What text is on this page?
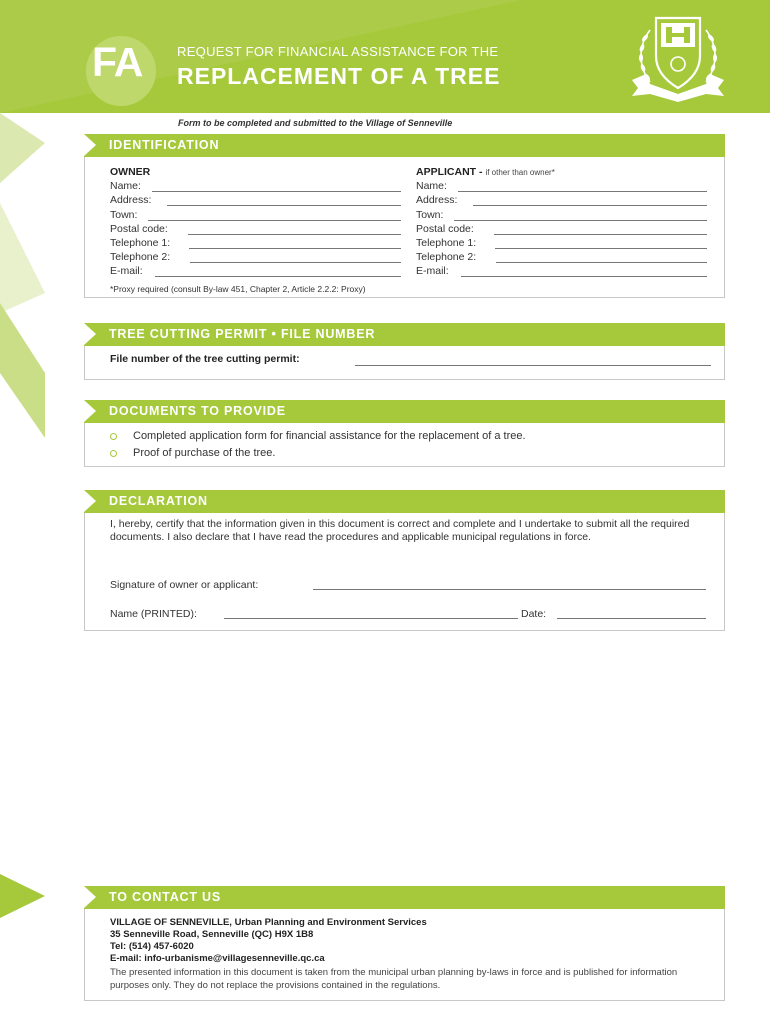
FA	REQUEST FOR FINANCIAL ASSISTANCE FOR THE
REPLACEMENT OF A TREE
Form to be completed and submitted to the Village of Senneville
IDENTIFICATION
OWNER
Name:
Address:
Town:
Postal code:
Telephone 1:
Telephone 2:
E-mail:
APPLICANT - if other than owner*
Name:
Address:
Town:
Postal code:
Telephone 1:
Telephone 2:
E-mail:
*Proxy required (consult By-law 451, Chapter 2, Article 2.2.2: Proxy)
TREE CUTTING PERMIT • FILE NUMBER
File number of the tree cutting permit:
DOCUMENTS TO PROVIDE
Completed application form for financial assistance for the replacement of a tree.
Proof of purchase of the tree.
DECLARATION
I, hereby, certify that the information given in this document is correct and complete and I undertake to submit all the required documents. I also declare that I have read the procedures and applicable municipal regulations in force.
Signature of owner or applicant:
Name (PRINTED):	Date:
TO CONTACT US
VILLAGE OF SENNEVILLE, Urban Planning and Environment Services
35 Senneville Road, Senneville (QC) H9X 1B8
Tel: (514) 457-6020
E-mail: info-urbanisme@villagesenneville.qc.ca
The presented information in this document is taken from the municipal urban planning by-laws in force and is published for information purposes only. They do not replace the provisions contained in the regulations.
